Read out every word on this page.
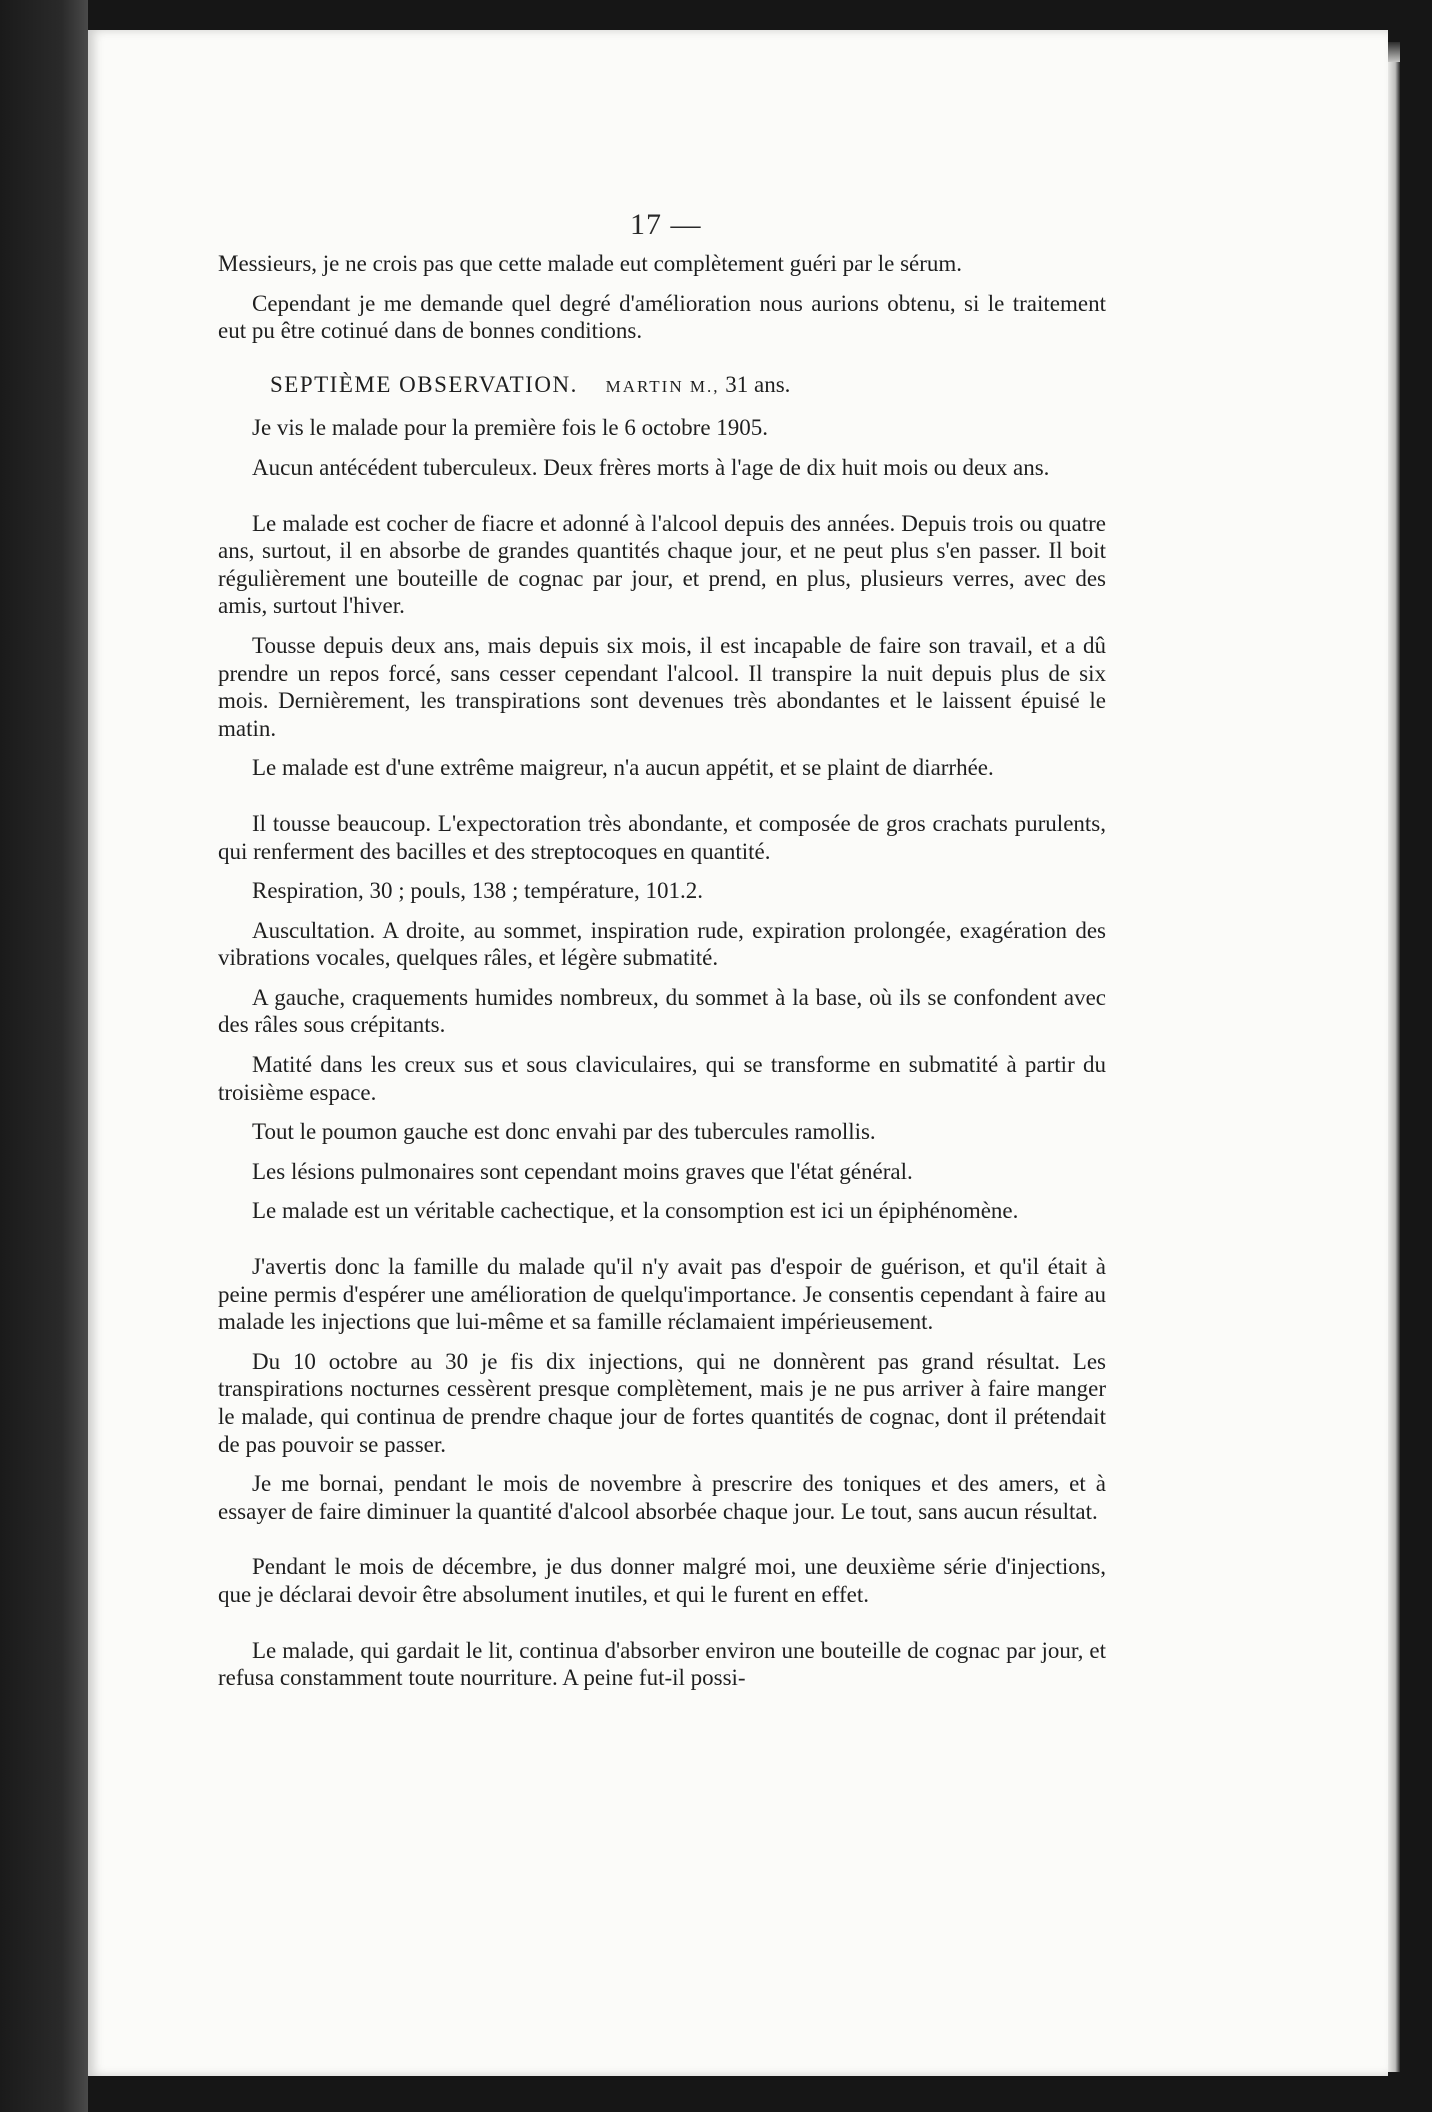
17 —

Messieurs, je ne crois pas que cette malade eut complètement guéri par le sérum.

Cependant je me demande quel degré d'amélioration nous aurions obtenu, si le traitement eut pu être cotinué dans de bonnes conditions.

SEPTIÈME OBSERVATION. MARTIN M., 31 ans.

Je vis le malade pour la première fois le 6 octobre 1905.

Aucun antécédent tuberculeux. Deux frères morts à l'age de dix huit mois ou deux ans.

Le malade est cocher de fiacre et adonné à l'alcool depuis des années. Depuis trois ou quatre ans, surtout, il en absorbe de grandes quantités chaque jour, et ne peut plus s'en passer. Il boit régulièrement une bouteille de cognac par jour, et prend, en plus, plusieurs verres, avec des amis, surtout l'hiver.

Tousse depuis deux ans, mais depuis six mois, il est incapable de faire son travail, et a dû prendre un repos forcé, sans cesser cependant l'alcool. Il transpire la nuit depuis plus de six mois. Dernièrement, les transpirations sont devenues très abondantes et le laissent épuisé le matin.

Le malade est d'une extrême maigreur, n'a aucun appétit, et se plaint de diarrhée.

Il tousse beaucoup. L'expectoration très abondante, et composée de gros crachats purulents, qui renferment des bacilles et des streptocoques en quantité.

Respiration, 30 ; pouls, 138 ; température, 101.2.

Auscultation. A droite, au sommet, inspiration rude, expiration prolongée, exagération des vibrations vocales, quelques râles, et légère submatité.

A gauche, craquements humides nombreux, du sommet à la base, où ils se confondent avec des râles sous crépitants.

Matité dans les creux sus et sous claviculaires, qui se transforme en submatité à partir du troisième espace.

Tout le poumon gauche est donc envahi par des tubercules ramollis.

Les lésions pulmonaires sont cependant moins graves que l'état général.

Le malade est un véritable cachectique, et la consomption est ici un épiphénomène.

J'avertis donc la famille du malade qu'il n'y avait pas d'espoir de guérison, et qu'il était à peine permis d'espérer une amélioration de quelqu'importance. Je consentis cependant à faire au malade les injections que lui-même et sa famille réclamaient impérieusement.

Du 10 octobre au 30 je fis dix injections, qui ne donnèrent pas grand résultat. Les transpirations nocturnes cessèrent presque complètement, mais je ne pus arriver à faire manger le malade, qui continua de prendre chaque jour de fortes quantités de cognac, dont il prétendait de pas pouvoir se passer.

Je me bornai, pendant le mois de novembre à prescrire des toniques et des amers, et à essayer de faire diminuer la quantité d'alcool absorbée chaque jour. Le tout, sans aucun résultat.

Pendant le mois de décembre, je dus donner malgré moi, une deuxième série d'injections, que je déclarai devoir être absolument inutiles, et qui le furent en effet.

Le malade, qui gardait le lit, continua d'absorber environ une bouteille de cognac par jour, et refusa constamment toute nourriture. A peine fut-il possi-
